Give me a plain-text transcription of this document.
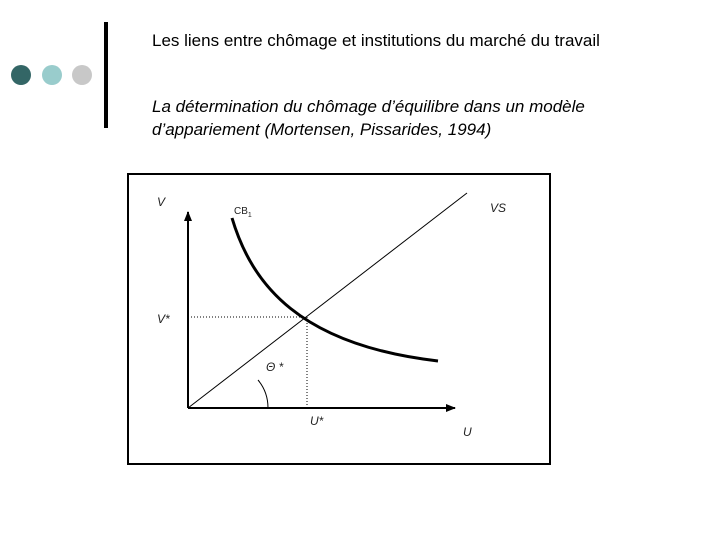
Les liens entre chômage et institutions du marché du travail

La détermination du chômage d’équilibre dans un modèle d’appariement (Mortensen, Pissarides, 1994)

V
U
$CB_1$
VS
V*
U*
Θ *
